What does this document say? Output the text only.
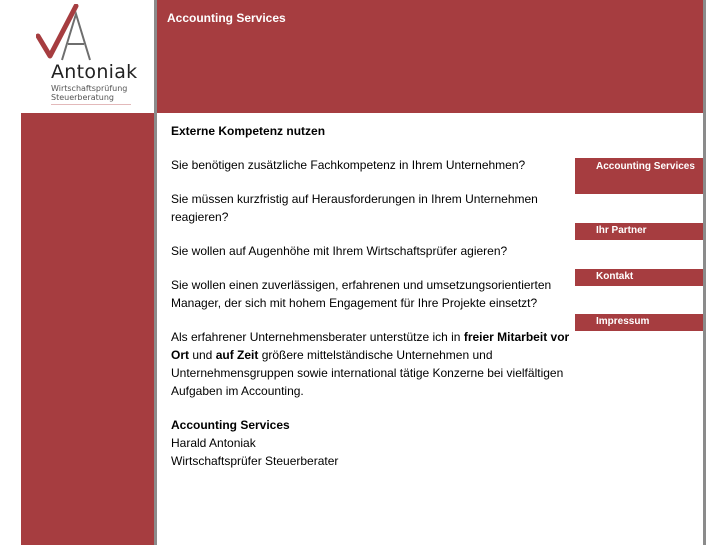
Antoniak
Wirtschaftsprüfung
Steuerberatung
Accounting Services
Externe Kompetenz nutzen

Sie benötigen zusätzliche Fachkompetenz in Ihrem Unternehmen?

Sie müssen kurzfristig auf Herausforderungen in Ihrem Unternehmen reagieren?

Sie wollen auf Augenhöhe mit Ihrem Wirtschaftsprüfer agieren?

Sie wollen einen zuverlässigen, erfahrenen und umsetzungsorientierten Manager, der sich mit hohem Engagement für Ihre Projekte einsetzt?

Als erfahrener Unternehmensberater unterstütze ich in freier Mitarbeit vor Ort und auf Zeit größere mittelständische Unternehmen und Unternehmensgruppen sowie international tätige Konzerne bei vielfältigen Aufgaben im Accounting.

Accounting Services

Harald Antoniak

Wirtschaftsprüfer Steuerberater

Accounting Services
Ihr Partner
Kontakt
Impressum
